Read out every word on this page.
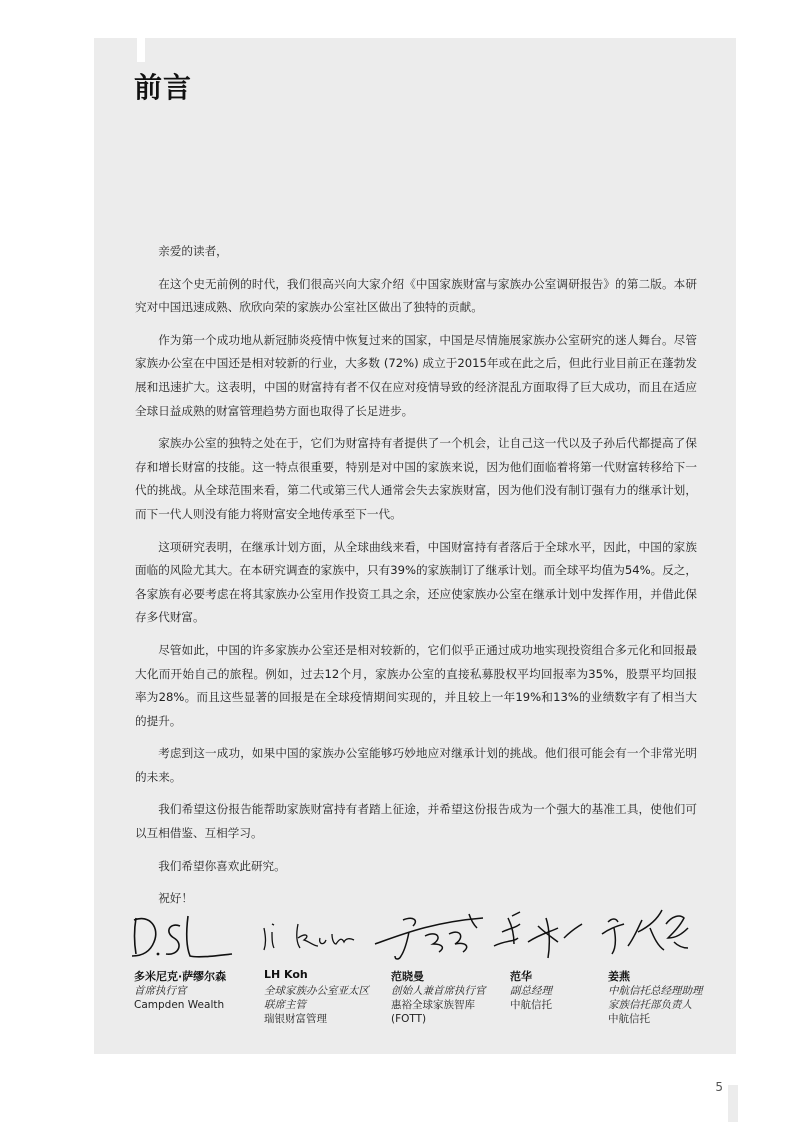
前言

亲爱的读者，

在这个史无前例的时代，我们很高兴向大家介绍《中国家族财富与家族办公室调研报告》的第二版。本研究对中国迅速成熟、欣欣向荣的家族办公室社区做出了独特的贡献。

作为第一个成功地从新冠肺炎疫情中恢复过来的国家，中国是尽情施展家族办公室研究的迷人舞台。尽管家族办公室在中国还是相对较新的行业，大多数 (72%) 成立于2015年或在此之后，但此行业目前正在蓬勃发展和迅速扩大。这表明，中国的财富持有者不仅在应对疫情导致的经济混乱方面取得了巨大成功，而且在适应全球日益成熟的财富管理趋势方面也取得了长足进步。

家族办公室的独特之处在于，它们为财富持有者提供了一个机会，让自己这一代以及子孙后代都提高了保存和增长财富的技能。这一特点很重要，特别是对中国的家族来说，因为他们面临着将第一代财富转移给下一代的挑战。从全球范围来看，第二代或第三代人通常会失去家族财富，因为他们没有制订强有力的继承计划，而下一代人则没有能力将财富安全地传承至下一代。

这项研究表明，在继承计划方面，从全球曲线来看，中国财富持有者落后于全球水平，因此，中国的家族面临的风险尤其大。在本研究调查的家族中，只有39%的家族制订了继承计划。而全球平均值为54%。反之，各家族有必要考虑在将其家族办公室用作投资工具之余，还应使家族办公室在继承计划中发挥作用，并借此保存多代财富。

尽管如此，中国的许多家族办公室还是相对较新的，它们似乎正通过成功地实现投资组合多元化和回报最大化而开始自己的旅程。例如，过去12个月，家族办公室的直接私募股权平均回报率为35%，股票平均回报率为28%。而且这些显著的回报是在全球疫情期间实现的，并且较上一年19%和13%的业绩数字有了相当大的提升。

考虑到这一成功，如果中国的家族办公室能够巧妙地应对继承计划的挑战。他们很可能会有一个非常光明的未来。

我们希望这份报告能帮助家族财富持有者踏上征途，并希望这份报告成为一个强大的基准工具，使他们可以互相借鉴、互相学习。

我们希望你喜欢此研究。

祝好！

多米尼克·萨缪尔森
首席执行官
Campden Wealth
LH Koh
全球家族办公室亚太区
联席主管
瑞银财富管理
范晓曼
创始人兼首席执行官
惠裕全球家族智库
(FOTT)
范华
副总经理
中航信托
姜燕
中航信托总经理助理
家族信托部负责人
中航信托
5
